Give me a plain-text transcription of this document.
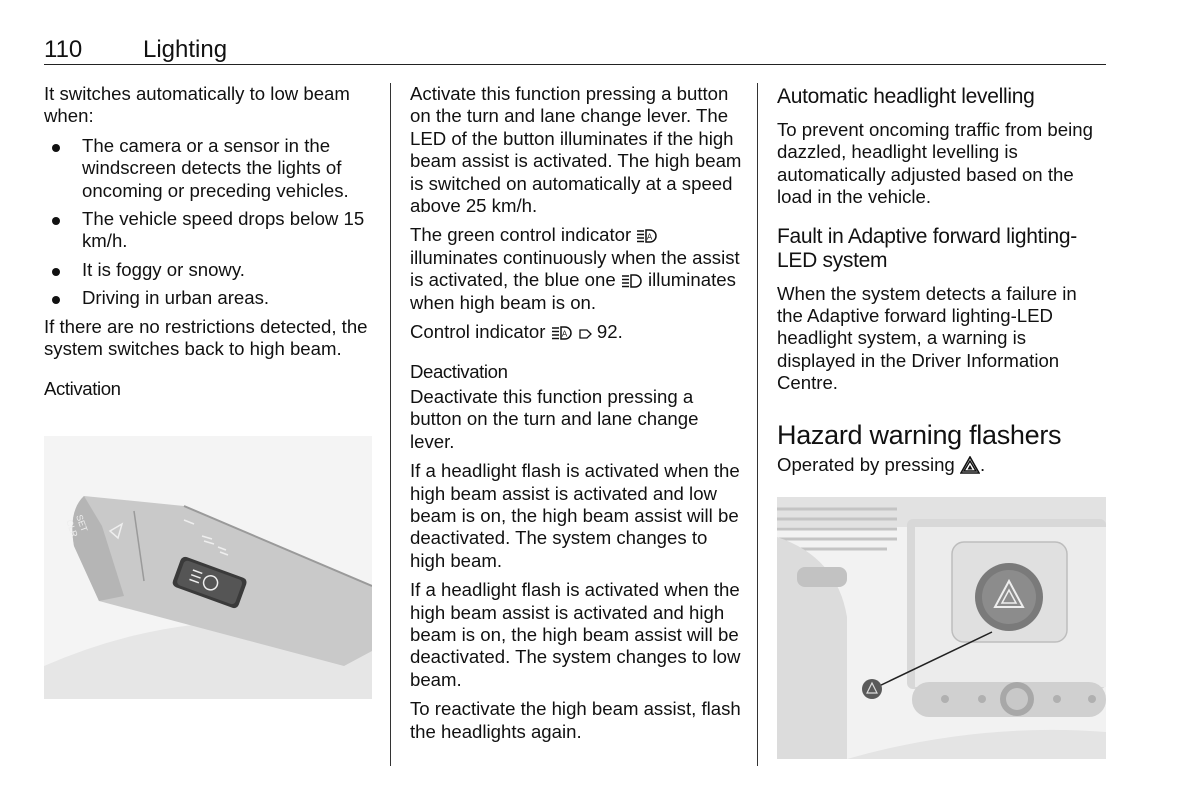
110	Lighting

It switches automatically to low beam when:

The camera or a sensor in the windscreen detects the lights of oncoming or preceding vehicles.
The vehicle speed drops below 15 km/h.
It is foggy or snowy.
Driving in urban areas.

If there are no restrictions detected, the system switches back to high beam.

Activation
SET
CLR

Activate this function pressing a button on the turn and lane change lever. The LED of the button illuminates if the high beam assist is activated. The high beam is switched on automatically at a speed above 25 km/h.

The green control indicator  illuminates continuously when the assist is activated, the blue one illuminates when high beam is on.

Control indicator	92.

Deactivation

Deactivate this function pressing a button on the turn and lane change lever.

If a headlight flash is activated when the high beam assist is activated and low beam is on, the high beam assist will be deactivated. The system changes to high beam.

If a headlight flash is activated when the high beam assist is activated and high beam is on, the high beam assist will be deactivated. The system changes to low beam.

To reactivate the high beam assist, flash the headlights again.

Automatic headlight levelling

To prevent oncoming traffic from being dazzled, headlight levelling is automatically adjusted based on the load in the vehicle.

Fault in Adaptive forward lighting-LED system

When the system detects a failure in the Adaptive forward lighting-LED headlight system, a warning is displayed in the Driver Information Centre.

Hazard warning flashers

Operated by pressing .
